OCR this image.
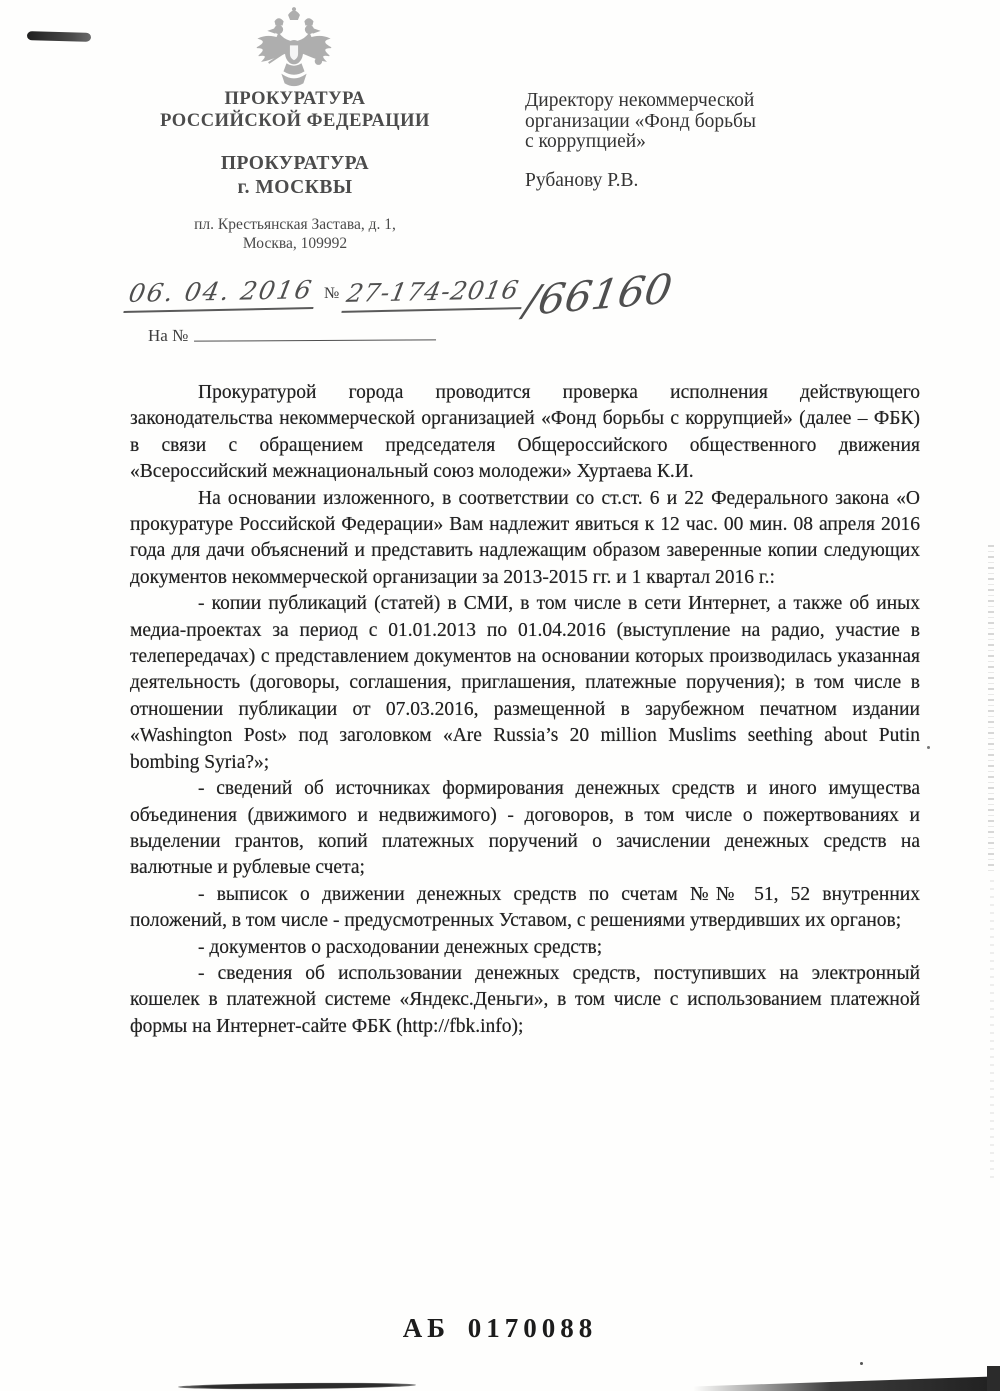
ПРОКУРАТУРА
РОССИЙСКОЙ ФЕДЕРАЦИИ
ПРОКУРАТУРА
г. МОСКВЫ
пл. Крестьянская Застава, д. 1,
Москва, 109992
Директору некоммерческой
организации «Фонд борьбы
с коррупцией»
Рубанову Р.В.
06. 04. 2016 № 27-174-2016/66160
На №

Прокуратурой города проводится проверка исполнения действующего законодательства некоммерческой организацией «Фонд борьбы с коррупцией» (далее – ФБК) в связи с обращением председателя Общероссийского общественного движения «Всероссийский межнациональный союз молодежи» Хуртаева К.И.

На основании изложенного, в соответствии со ст.ст. 6 и 22 Федерального закона «О прокуратуре Российской Федерации» Вам надлежит явиться к 12 час. 00 мин. 08 апреля 2016 года для дачи объяснений и представить надлежащим образом заверенные копии следующих документов некоммерческой организации за 2013-2015 гг. и 1 квартал 2016 г.:

- копии публикаций (статей) в СМИ, в том числе в сети Интернет, а также об иных медиа-проектах за период с 01.01.2013 по 01.04.2016 (выступление на радио, участие в телепередачах) с представлением документов на основании которых производилась указанная деятельность (договоры, соглашения, приглашения, платежные поручения); в том числе в отношении публикации от 07.03.2016, размещенной в зарубежном печатном издании «Washington Post» под заголовком «Are Russia’s 20 million Muslims seething about Putin bombing Syria?»;

- сведений об источниках формирования денежных средств и иного имущества объединения (движимого и недвижимого) - договоров, в том числе о пожертвованиях и выделении грантов, копий платежных поручений о зачислении денежных средств на валютные и рублевые счета;

- выписок о движении денежных средств по счетам №№ 51, 52 внутренних положений, в том числе - предусмотренных Уставом, с решениями утвердивших их органов;

- документов о расходовании денежных средств;

- сведения об использовании денежных средств, поступивших на электронный кошелек в платежной системе «Яндекс.Деньги», в том числе с использованием платежной формы на Интернет-сайте ФБК (http://fbk.info);

АБ 0170088
